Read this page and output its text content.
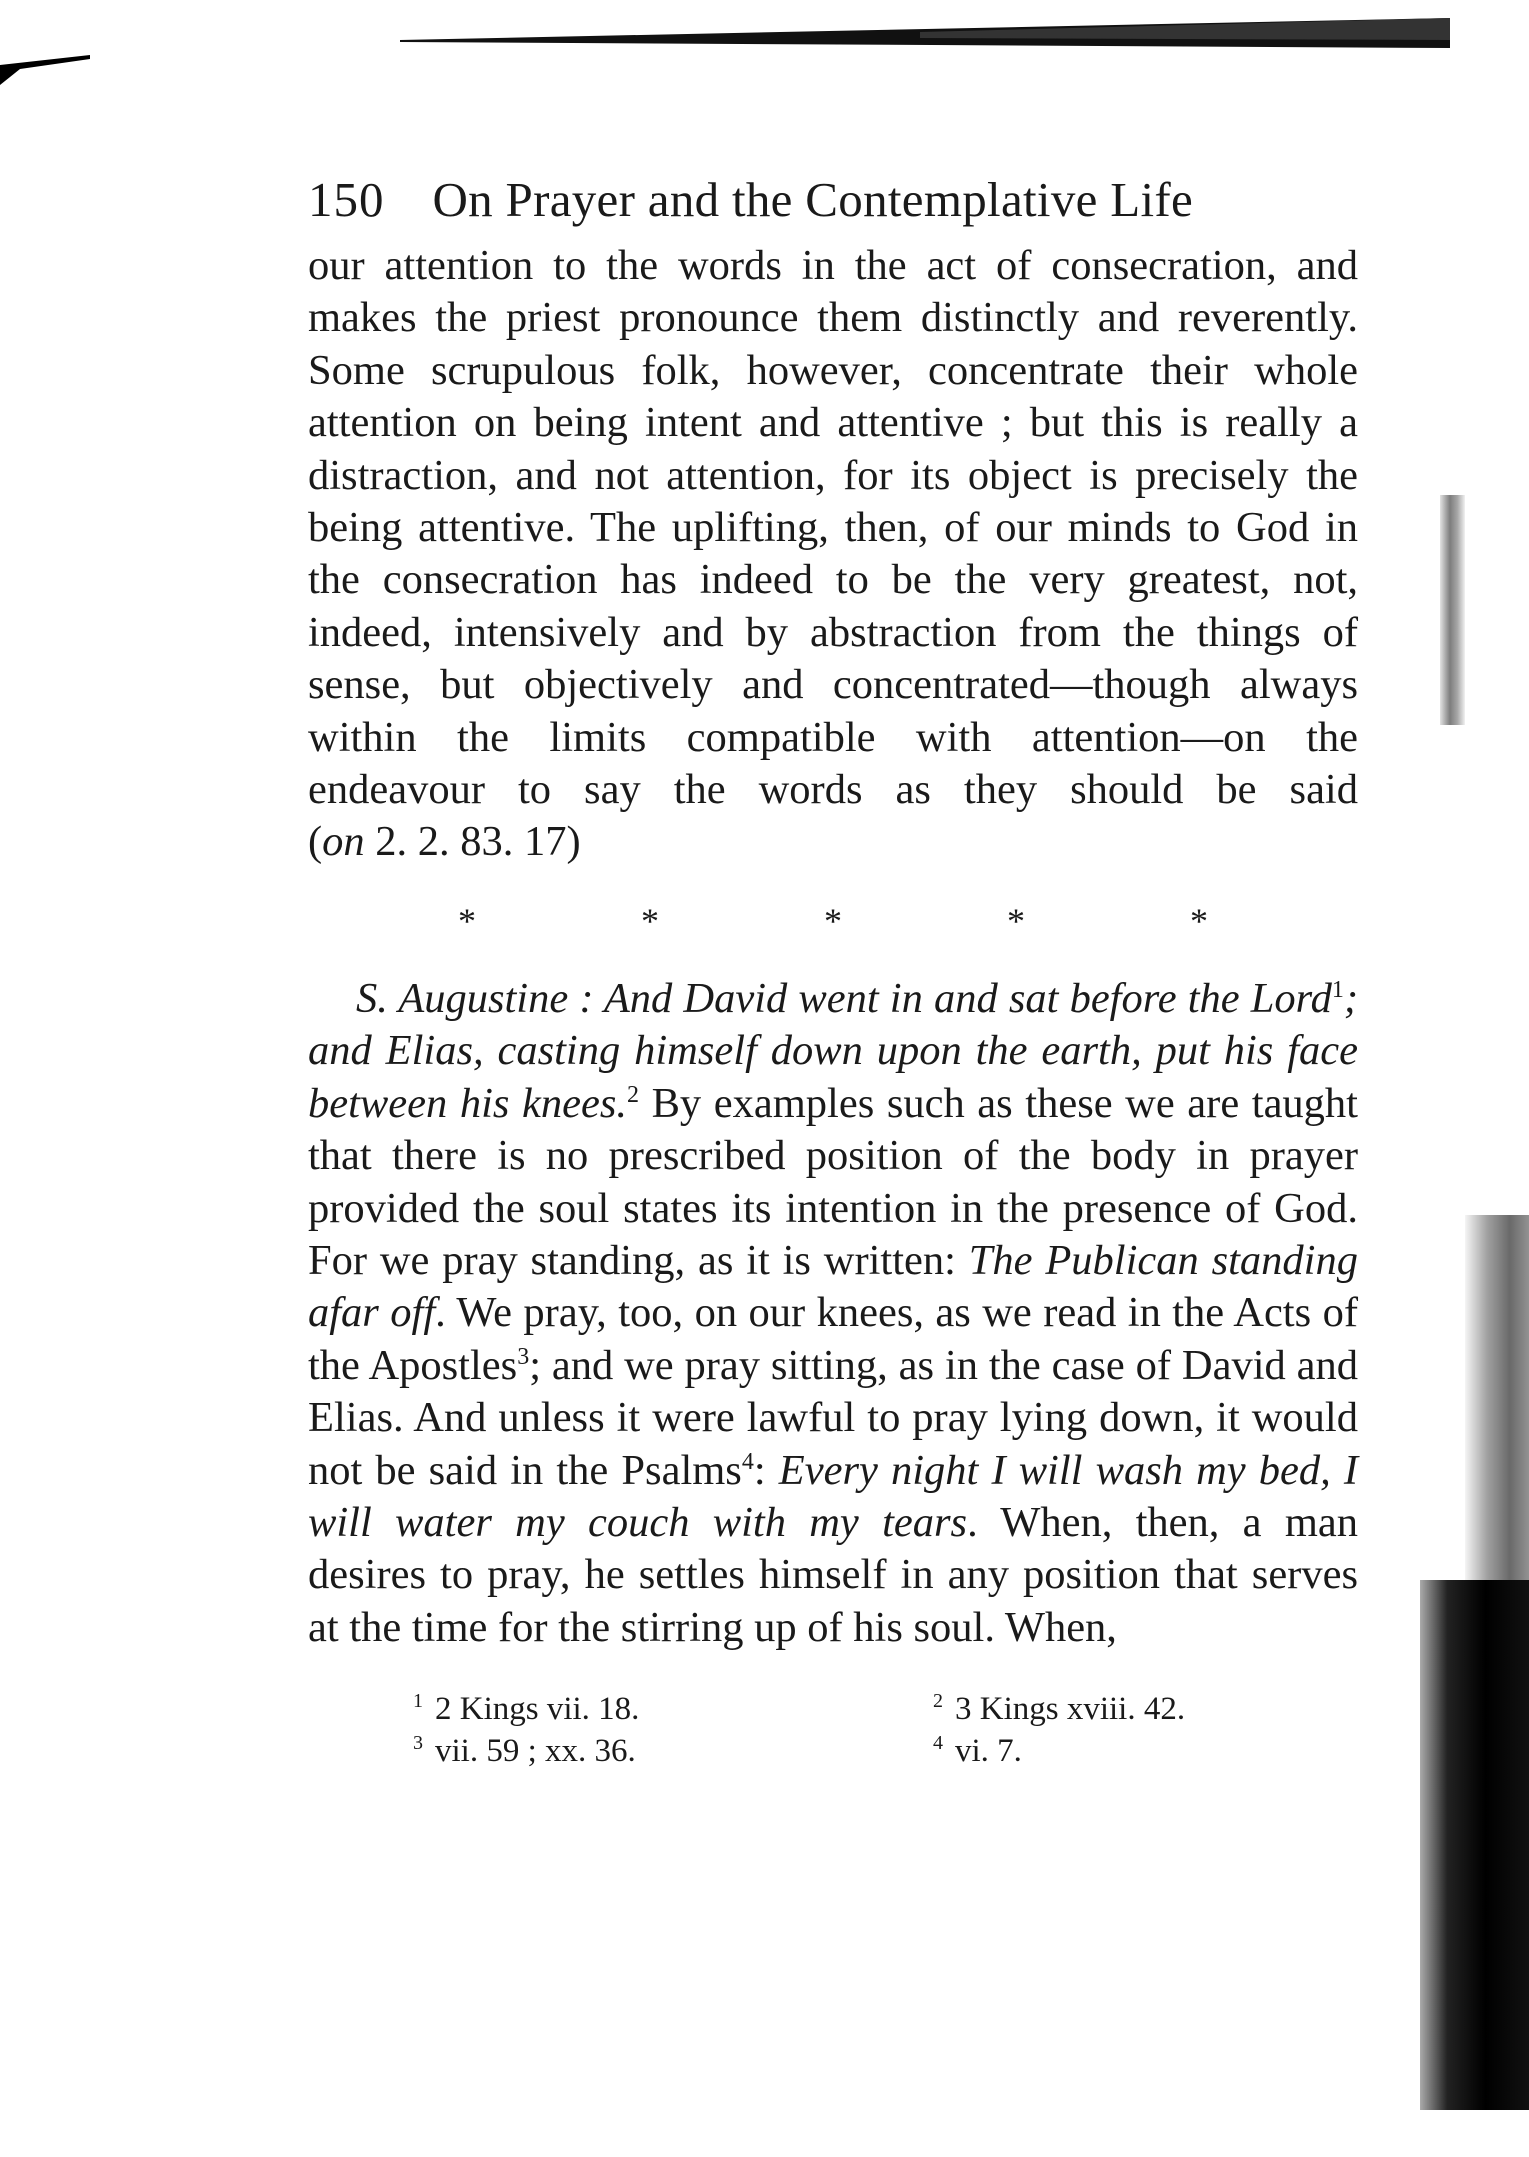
150 On Prayer and the Contemplative Life

our attention to the words in the act of consecration, and makes the priest pronounce them distinctly and reverently. Some scrupulous folk, however, concentrate their whole attention on being intent and attentive ; but this is really a distraction, and not attention, for its object is precisely the being attentive. The uplifting, then, of our minds to God in the consecration has indeed to be the very greatest, not, indeed, intensively and by abstraction from the things of sense, but objectively and concentrated—though always within the limits compatible with attention—on the endeavour to say the words as they should be said (on 2. 2. 83. 17)

*	*	*	*	*

S. Augustine : And David went in and sat before the Lord$^1$; and Elias, casting himself down upon the earth, put his face between his knees.$^2$ By examples such as these we are taught that there is no prescribed position of the body in prayer provided the soul states its intention in the presence of God. For we pray standing, as it is written: The Publican standing afar off. We pray, too, on our knees, as we read in the Acts of the Apostles$^3$; and we pray sitting, as in the case of David and Elias. And unless it were lawful to pray lying down, it would not be said in the Psalms$^4$: Every night I will wash my bed, I will water my couch with my tears. When, then, a man desires to pray, he settles himself in any position that serves at the time for the stirring up of his soul. When,

$^1$ 2 Kings vii. 18.	$^2$ 3 Kings xviii. 42.
$^3$ vii. 59 ; xx. 36.	$^4$ vi. 7.
